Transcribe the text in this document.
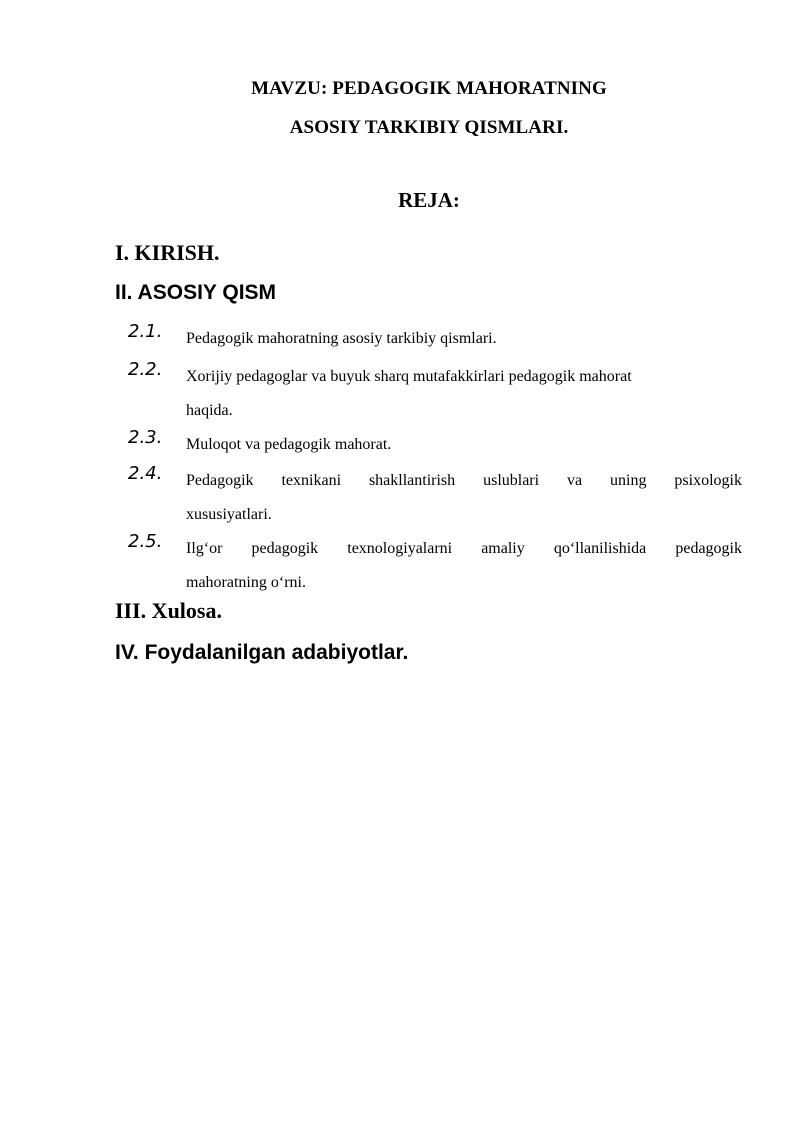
MAVZU: PEDAGOGIK MAHORATNING
ASOSIY TARKIBIY QISMLARI.
REJA:
I. KIRISH.
II. ASOSIY QISM
2.1. Pedagogik mahoratning asosiy tarkibiy qismlari.
2.2. Xorijiy pedagoglar va buyuk sharq mutafakkirlari pedagogik mahorat
haqida.
2.3. Muloqot va pedagogik mahorat.
2.4. Pedagogik texnikani shakllantirish uslublari va uning psixologik
xususiyatlari.
2.5. Ilg‘or pedagogik texnologiyalarni amaliy qo‘llanilishida pedagogik
mahoratning o‘rni.
III. Xulosa.
IV. Foydalanilgan adabiyotlar.
